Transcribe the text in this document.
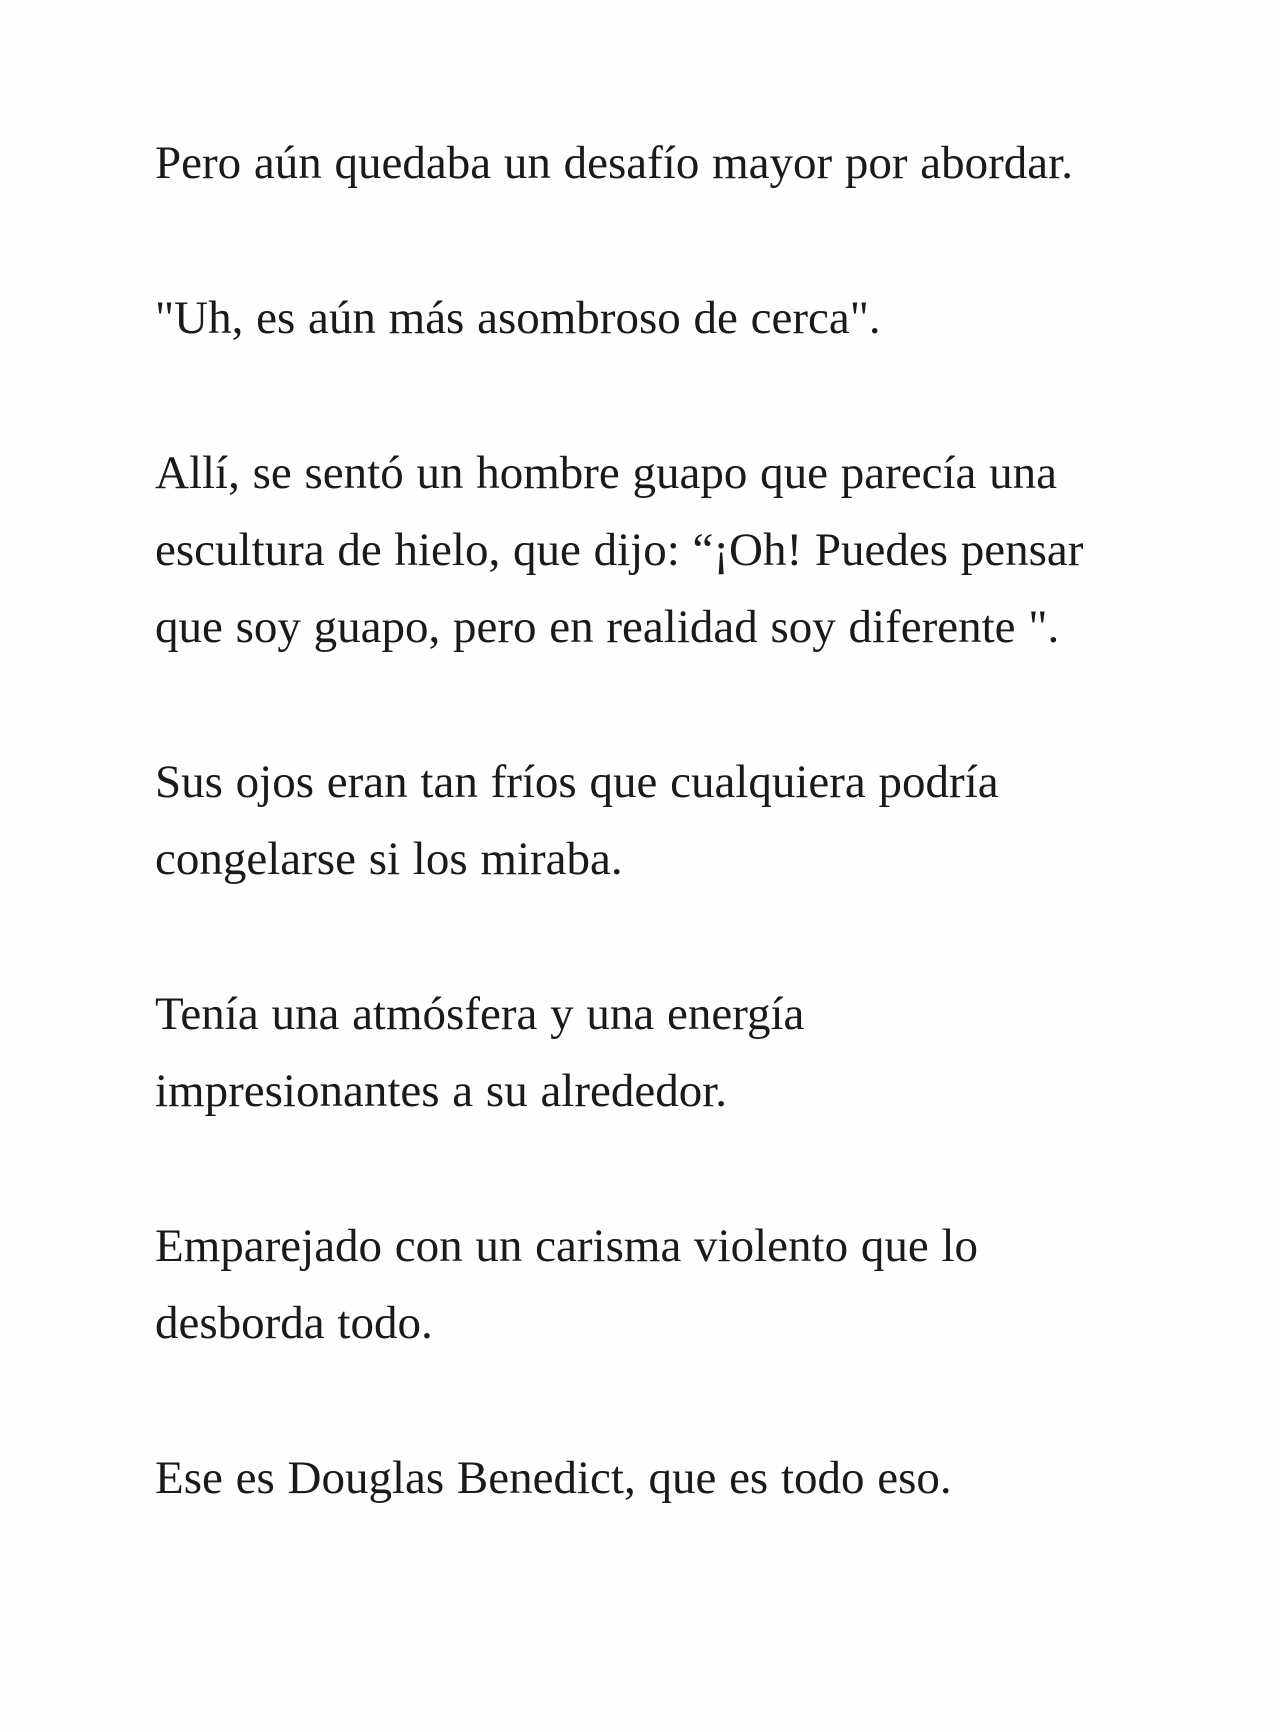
Pero aún quedaba un desafío mayor por abordar.

"Uh, es aún más asombroso de cerca".

Allí, se sentó un hombre guapo que parecía una
escultura de hielo, que dijo: “¡Oh! Puedes pensar
que soy guapo, pero en realidad soy diferente ".

Sus ojos eran tan fríos que cualquiera podría
congelarse si los miraba.

Tenía una atmósfera y una energía
impresionantes a su alrededor.

Emparejado con un carisma violento que lo
desborda todo.

Ese es Douglas Benedict, que es todo eso.
